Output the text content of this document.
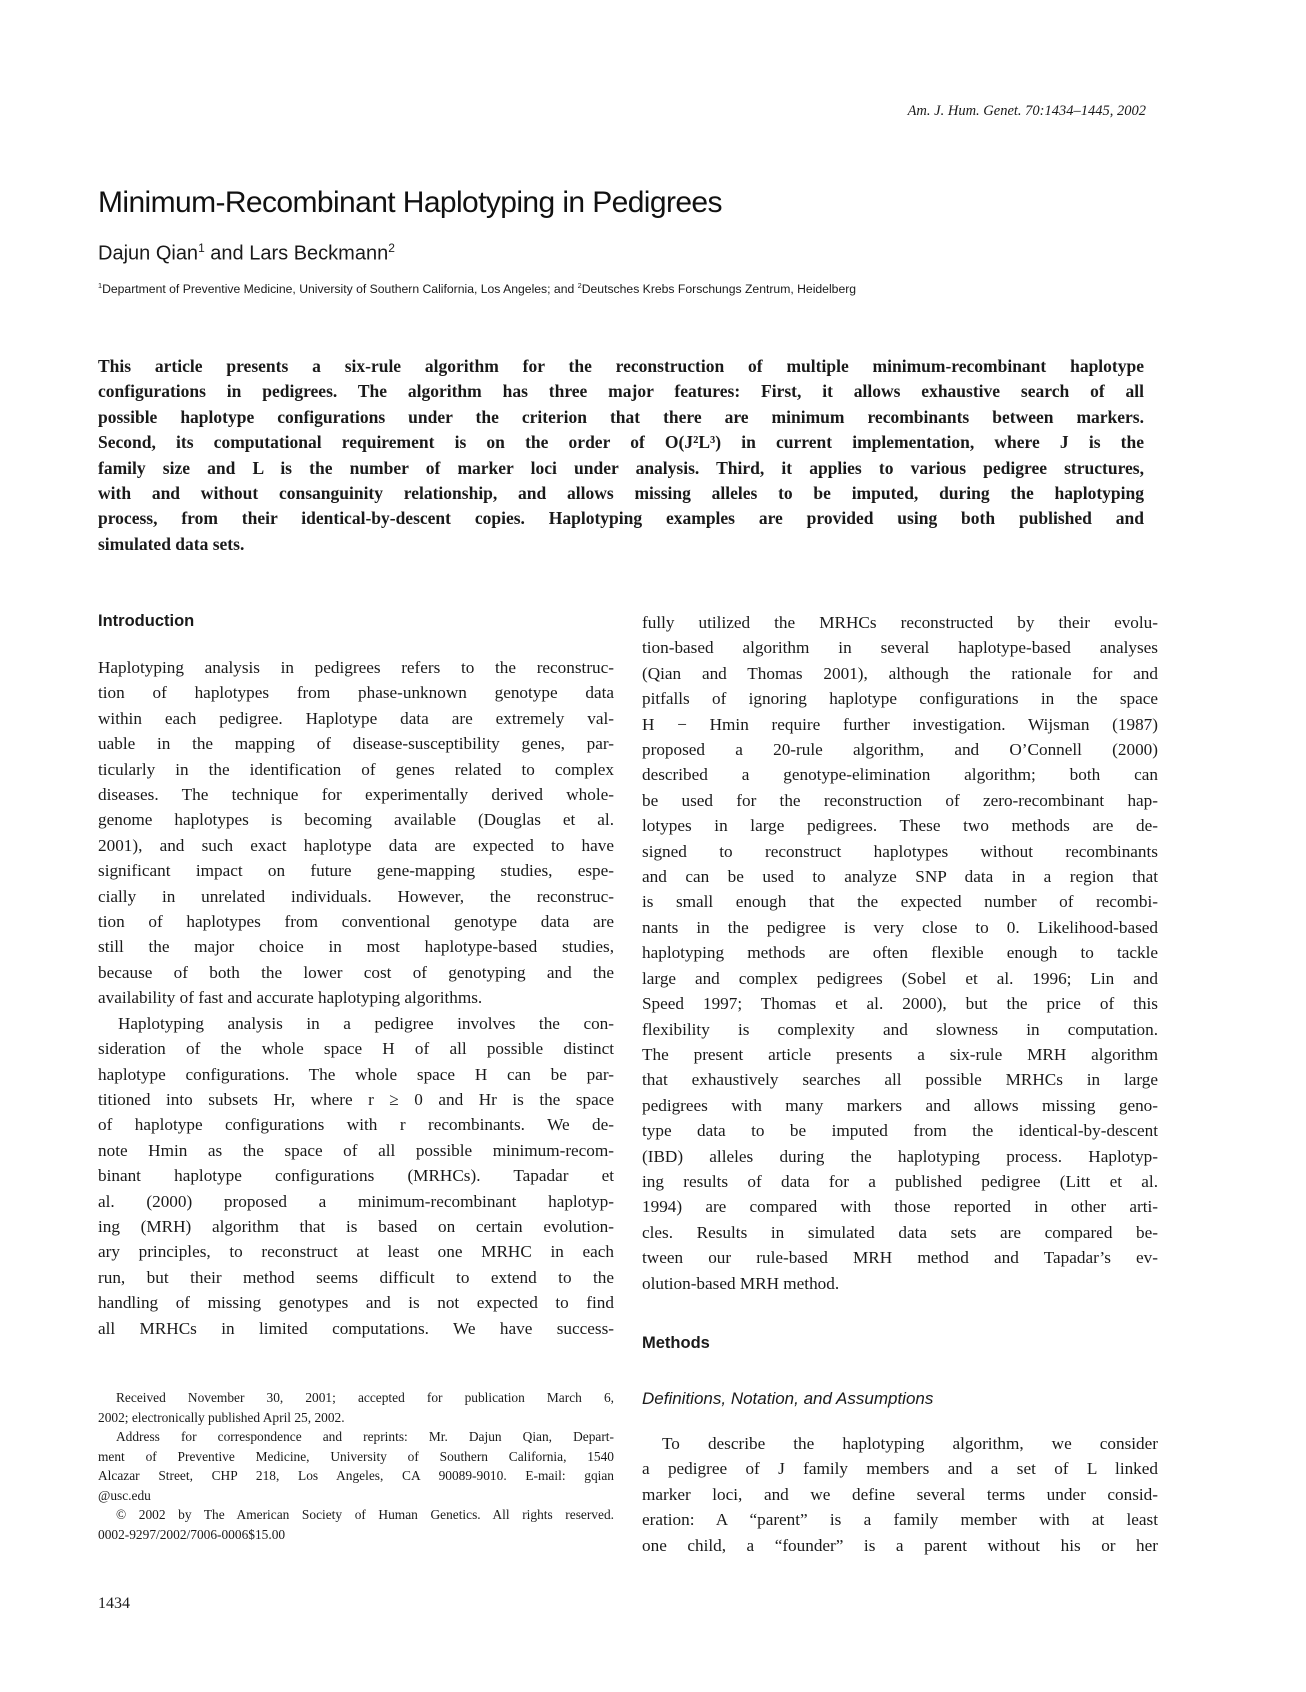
Am. J. Hum. Genet. 70:1434–1445, 2002
Minimum-Recombinant Haplotyping in Pedigrees
Dajun Qian$^1$ and Lars Beckmann$^2$
$^1$Department of Preventive Medicine, University of Southern California, Los Angeles; and $^2$Deutsches Krebs Forschungs Zentrum, Heidelberg
This article presents a six-rule algorithm for the reconstruction of multiple minimum-recombinant haplotype
configurations in pedigrees. The algorithm has three major features: First, it allows exhaustive search of all
possible haplotype configurations under the criterion that there are minimum recombinants between markers.
Second, its computational requirement is on the order of O(J²L³) in current implementation, where J is the
family size and L is the number of marker loci under analysis. Third, it applies to various pedigree structures,
with and without consanguinity relationship, and allows missing alleles to be imputed, during the haplotyping
process, from their identical-by-descent copies. Haplotyping examples are provided using both published and
simulated data sets.
Introduction
Haplotyping analysis in pedigrees refers to the reconstruc-
tion of haplotypes from phase-unknown genotype data
within each pedigree. Haplotype data are extremely val-
uable in the mapping of disease-susceptibility genes, par-
ticularly in the identification of genes related to complex
diseases. The technique for experimentally derived whole-
genome haplotypes is becoming available (Douglas et al.
2001), and such exact haplotype data are expected to have
significant impact on future gene-mapping studies, espe-
cially in unrelated individuals. However, the reconstruc-
tion of haplotypes from conventional genotype data are
still the major choice in most haplotype-based studies,
because of both the lower cost of genotyping and the
availability of fast and accurate haplotyping algorithms.
Haplotyping analysis in a pedigree involves the con-
sideration of the whole space H of all possible distinct
haplotype configurations. The whole space H can be par-
titioned into subsets Hr, where r ≥ 0 and Hr is the space
of haplotype configurations with r recombinants. We de-
note Hmin as the space of all possible minimum-recom-
binant haplotype configurations (MRHCs). Tapadar et
al. (2000) proposed a minimum-recombinant haplotyp-
ing (MRH) algorithm that is based on certain evolution-
ary principles, to reconstruct at least one MRHC in each
run, but their method seems difficult to extend to the
handling of missing genotypes and is not expected to find
all MRHCs in limited computations. We have success-
fully utilized the MRHCs reconstructed by their evolu-
tion-based algorithm in several haplotype-based analyses
(Qian and Thomas 2001), although the rationale for and
pitfalls of ignoring haplotype configurations in the space
H − Hmin require further investigation. Wijsman (1987)
proposed a 20-rule algorithm, and O’Connell (2000)
described a genotype-elimination algorithm; both can
be used for the reconstruction of zero-recombinant hap-
lotypes in large pedigrees. These two methods are de-
signed to reconstruct haplotypes without recombinants
and can be used to analyze SNP data in a region that
is small enough that the expected number of recombi-
nants in the pedigree is very close to 0. Likelihood-based
haplotyping methods are often flexible enough to tackle
large and complex pedigrees (Sobel et al. 1996; Lin and
Speed 1997; Thomas et al. 2000), but the price of this
flexibility is complexity and slowness in computation.
The present article presents a six-rule MRH algorithm
that exhaustively searches all possible MRHCs in large
pedigrees with many markers and allows missing geno-
type data to be imputed from the identical-by-descent
(IBD) alleles during the haplotyping process. Haplotyp-
ing results of data for a published pedigree (Litt et al.
1994) are compared with those reported in other arti-
cles. Results in simulated data sets are compared be-
tween our rule-based MRH method and Tapadar’s ev-
olution-based MRH method.
Methods
Definitions, Notation, and Assumptions
To describe the haplotyping algorithm, we consider
a pedigree of J family members and a set of L linked
marker loci, and we define several terms under consid-
eration: A “parent” is a family member with at least
one child, a “founder” is a parent without his or her
Received November 30, 2001; accepted for publication March 6,
2002; electronically published April 25, 2002.
Address for correspondence and reprints: Mr. Dajun Qian, Depart-
ment of Preventive Medicine, University of Southern California, 1540
Alcazar Street, CHP 218, Los Angeles, CA 90089-9010. E-mail: gqian
@usc.edu
© 2002 by The American Society of Human Genetics. All rights reserved.
0002-9297/2002/7006-0006$15.00
1434
